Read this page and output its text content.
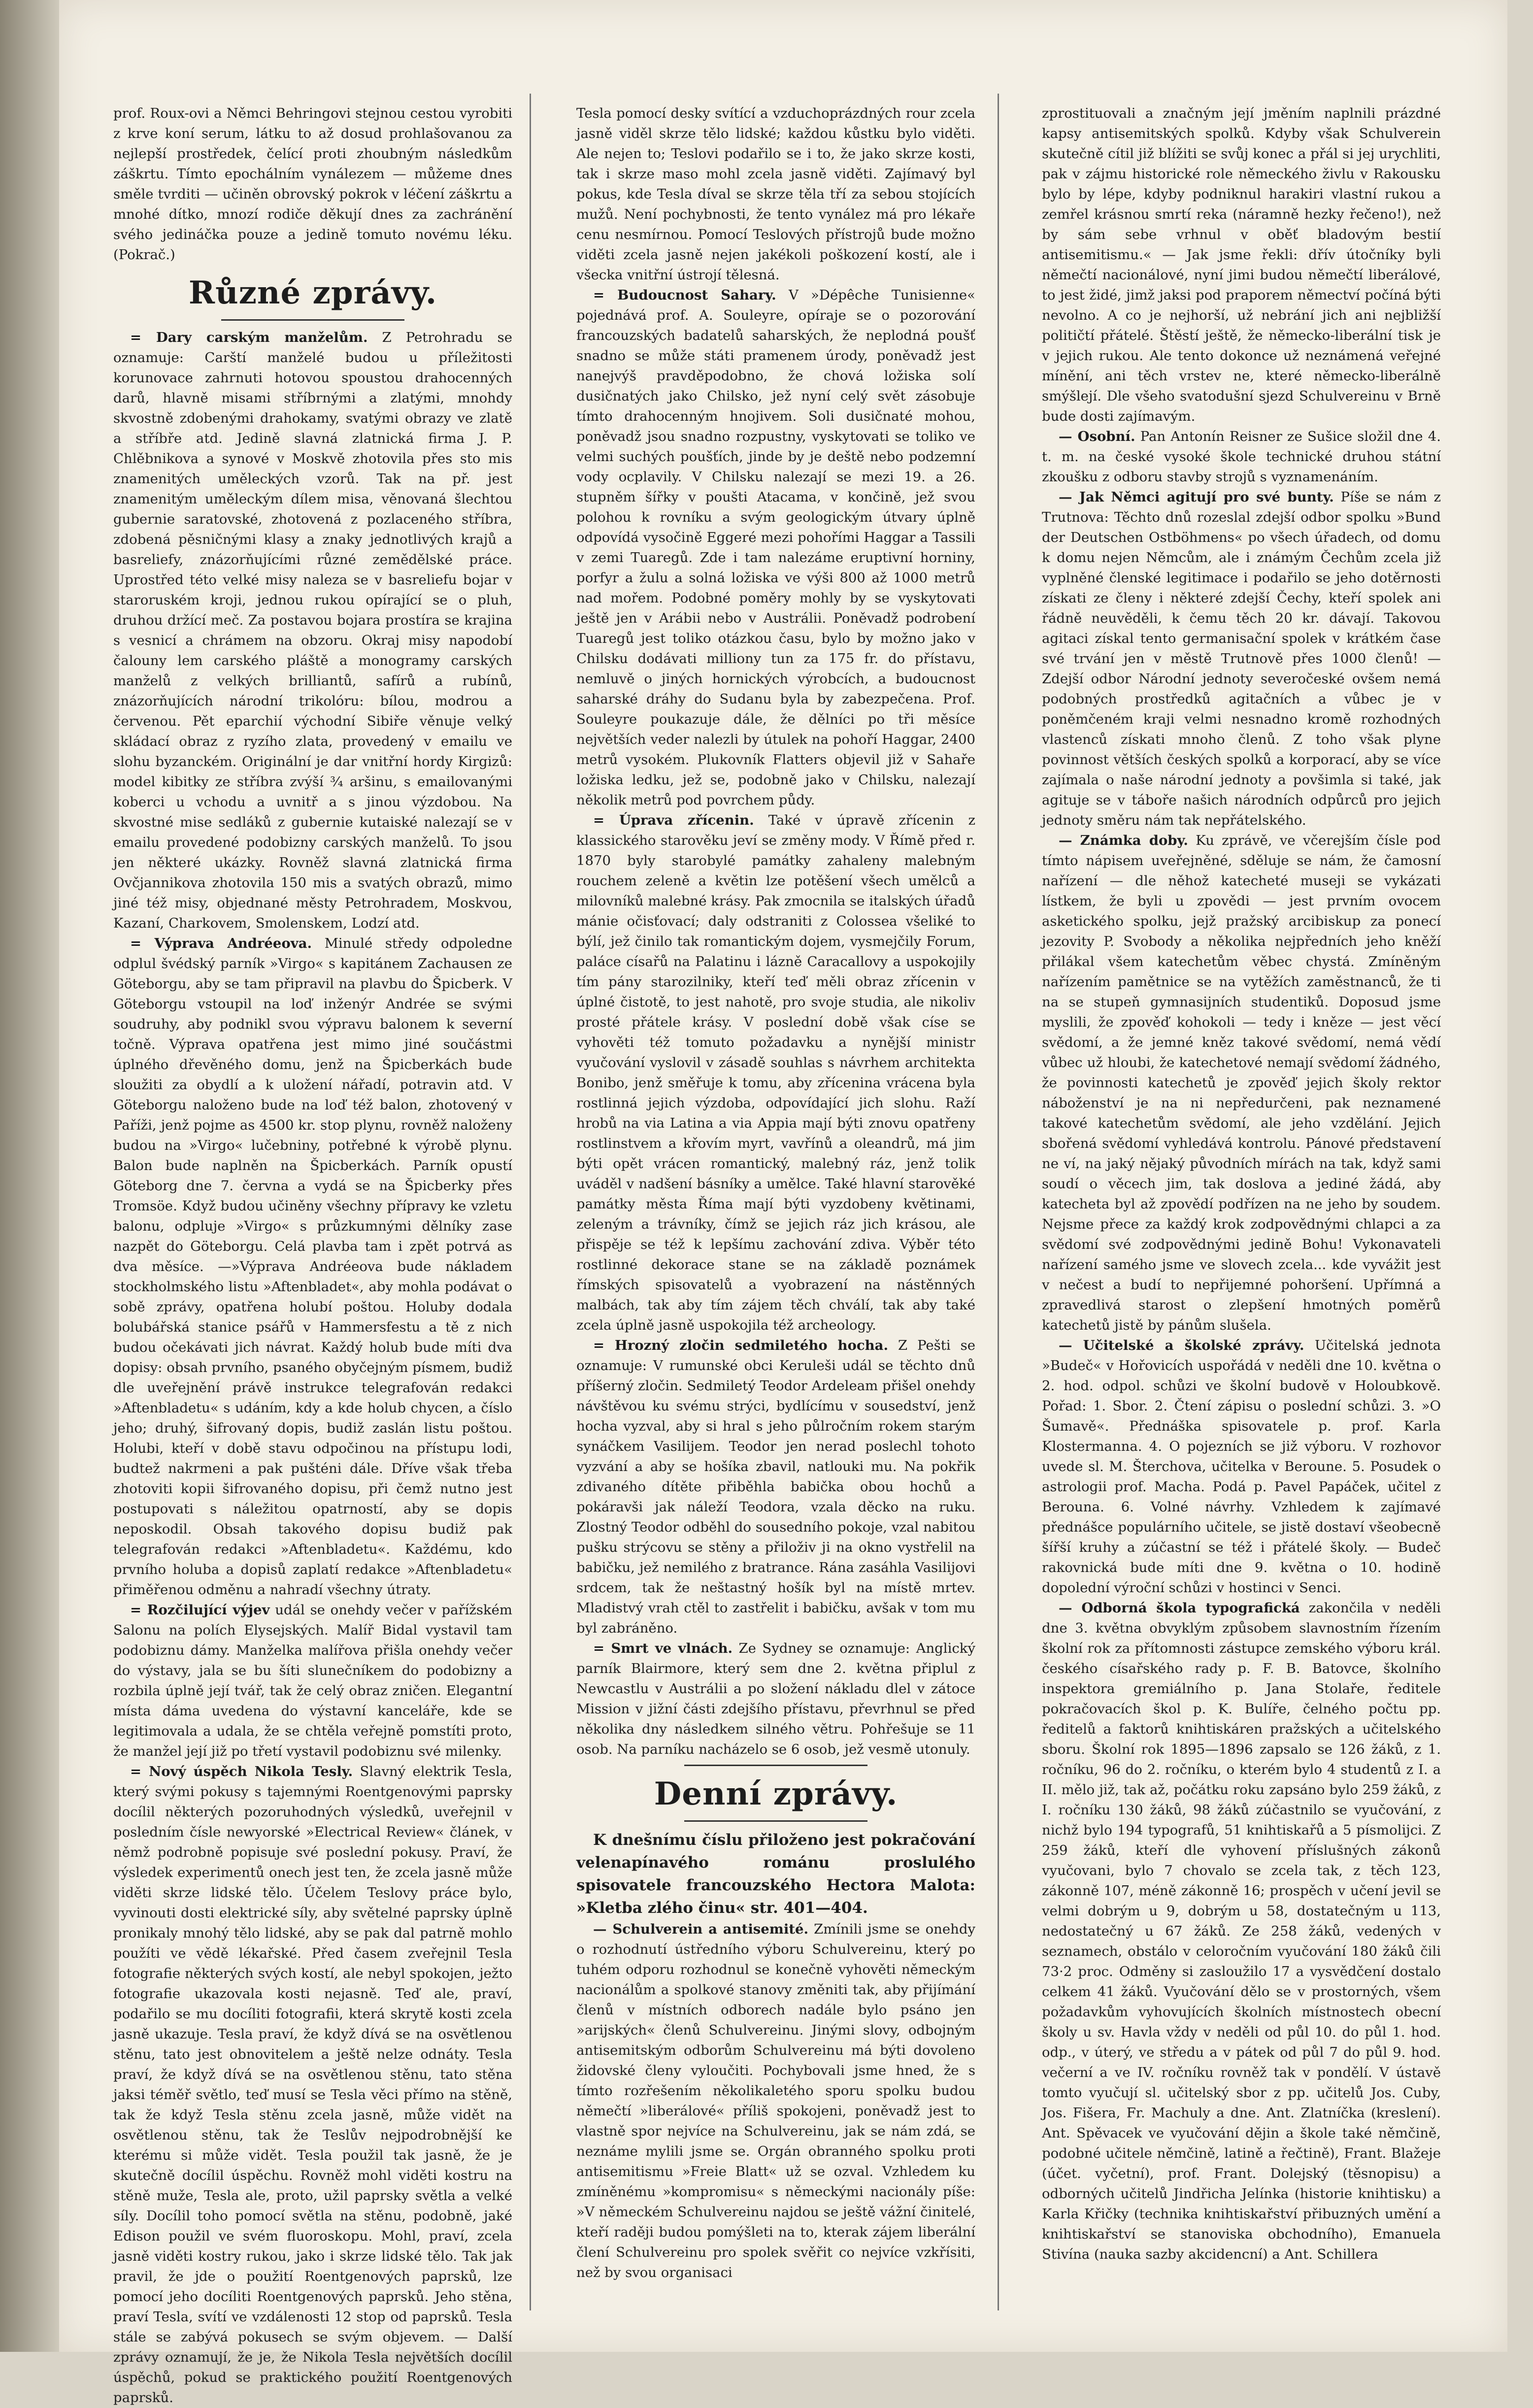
prof. Roux-ovi a Němci Behringovi stejnou cestou vyrobiti z krve koní serum, látku to až dosud prohlašovanou za nejlepší prostředek, čelící proti zhoubným následkům záškrtu. Tímto epochálním vynálezem — můžeme dnes směle tvrditi — učiněn obrovský pokrok v léčení záškrtu a mnohé dítko, mnozí rodiče děkují dnes za zachránění svého jedináčka pouze a jedině tomuto novému léku. (Pokrač.)

Různé zprávy.

= Dary carským manželům. Z Petrohradu se oznamuje: Carští manželé budou u příležitosti korunovace zahrnuti hotovou spoustou drahocenných darů, hlavně misami stříbrnými a zlatými, mnohdy skvostně zdobenými drahokamy, svatými obrazy ve zlatě a stříbře atd. Jedině slavná zlatnická firma J. P. Chlěbnikova a synové v Moskvě zhotovila přes sto mis znamenitých uměleckých vzorů. Tak na př. jest znamenitým uměleckým dílem misa, věnovaná šlechtou gubernie saratovské, zhotovená z pozlaceného stříbra, zdobená pěsničnými klasy a znaky jednotlivých krajů a basreliefy, znázorňujícími různé zemědělské práce. Uprostřed této velké misy naleza se v basreliefu bojar v staroruském kroji, jednou rukou opírající se o pluh, druhou držící meč. Za postavou bojara prostíra se krajina s vesnicí a chrámem na obzoru. Okraj misy napodobí čalouny lem carského pláště a monogramy carských manželů z velkých brilliantů, safírů a rubínů, znázorňujících národní trikolóru: bílou, modrou a červenou. Pět eparchií východní Sibiře věnuje velký skládací obraz z ryzího zlata, provedený v emailu ve slohu byzanckém. Originální je dar vnitřní hordy Kirgizů: model kibitky ze stříbra zvýší ¾ aršinu, s emailovanými koberci u vchodu a uvnitř a s jinou výzdobou. Na skvostné mise sedláků z gubernie kutaiské nalezají se v emailu provedené podobizny carských manželů. To jsou jen některé ukázky. Rovněž slavná zlatnická firma Ovčjannikova zhotovila 150 mis a svatých obrazů, mimo jiné též misy, objednané městy Petrohradem, Moskvou, Kazaní, Charkovem, Smolenskem, Lodzí atd.

= Výprava Andréeova. Minulé středy odpoledne odplul švédský parník »Virgo« s kapitánem Zachausen ze Göteborgu, aby se tam připravil na plavbu do Špicberk. V Göteborgu vstoupil na loď inženýr Andrée se svými soudruhy, aby podnikl svou výpravu balonem k severní točně. Výprava opatřena jest mimo jiné součástmi úplného dřevěného domu, jenž na Špicberkách bude sloužiti za obydlí a k uložení nářadí, potravin atd. V Göteborgu naloženo bude na loď též balon, zhotovený v Paříži, jenž pojme as 4500 kr. stop plynu, rovněž naloženy budou na »Virgo« lučebniny, potřebné k výrobě plynu. Balon bude naplněn na Špicberkách. Parník opustí Göteborg dne 7. června a vydá se na Špicberky přes Tromsöe. Když budou učiněny všechny přípravy ke vzletu balonu, odpluje »Virgo« s průzkumnými dělníky zase nazpět do Göteborgu. Celá plavba tam i zpět potrvá as dva měsíce. —»Výprava Andréeova bude nákladem stockholmského listu »Aftenbladet«, aby mohla podávat o sobě zprávy, opatřena holubí poštou. Holuby dodala bolubářská stanice psářů v Hammersfestu a tě z nich budou očekávati jich návrat. Každý holub bude míti dva dopisy: obsah prvního, psaného obyčejným písmem, budiž dle uveřejnění právě instrukce telegrafován redakci »Aftenbladetu« s udáním, kdy a kde holub chycen, a číslo jeho; druhý, šifrovaný dopis, budiž zaslán listu poštou. Holubi, kteří v době stavu odpočinou na přístupu lodi, budtež nakrmeni a pak pušténi dále. Dříve však třeba zhotoviti kopii šifrovaného dopisu, při čemž nutno jest postupovati s náležitou opatrností, aby se dopis neposkodil. Obsah takového dopisu budiž pak telegrafován redakci »Aftenbladetu«. Každému, kdo prvního holuba a dopisů zaplatí redakce »Aftenbladetu« přiměřenou odměnu a nahradí všechny útraty.

= Rozčilující výjev udál se onehdy večer v pařížském Salonu na polích Elysejských. Malíř Bidal vystavil tam podobiznu dámy. Manželka malířova přišla onehdy večer do výstavy, jala se bu šíti slunečníkem do podobizny a rozbila úplně její tvář, tak že celý obraz zničen. Elegantní místa dáma uvedena do výstavní kanceláře, kde se legitimovala a udala, že se chtěla veřejně pomstíti proto, že manžel její již po třetí vystavil podobiznu své milenky.

= Nový úspěch Nikola Tesly. Slavný elektrik Tesla, který svými pokusy s tajemnými Roentgenovými paprsky docílil některých pozoruhodných výsledků, uveřejnil v posledním čísle newyorské »Electrical Review« článek, v němž podrobně popisuje své poslední pokusy. Praví, že výsledek experimentů onech jest ten, že zcela jasně může viděti skrze lidské tělo. Účelem Teslovy práce bylo, vyvinouti dosti elektrické síly, aby světelné paprsky úplně pronikaly mnohý tělo lidské, aby se pak dal patrně mohlo použíti ve vědě lékařské. Před časem zveřejnil Tesla fotografie některých svých kostí, ale nebyl spokojen, ježto fotografie ukazovala kosti nejasně. Teď ale, praví, podařilo se mu docíliti fotografii, která skrytě kosti zcela jasně ukazuje. Tesla praví, že když dívá se na osvětlenou stěnu, tato jest obnovitelem a ještě nelze odnáty. Tesla praví, že když dívá se na osvětlenou stěnu, tato stěna jaksi téměř světlo, teď musí se Tesla věci přímo na stěně, tak že když Tesla stěnu zcela jasně, může vidět na osvětlenou stěnu, tak že Teslův nejpodrobnější ke kterému si může vidět. Tesla použil tak jasně, že je skutečně docílil úspěchu. Rovněž mohl viděti kostru na stěně muže, Tesla ale, proto, užil paprsky světla a velké síly. Docílil toho pomocí světla na stěnu, podobně, jaké Edison použil ve svém fluoroskopu. Mohl, praví, zcela jasně viděti kostry rukou, jako i skrze lidské tělo. Tak jak pravil, že jde o použití Roentgenových paprsků, lze pomocí jeho docíliti Roentgenových paprsků. Jeho stěna, praví Tesla, svítí ve vzdálenosti 12 stop od paprsků. Tesla stále se zabývá pokusech se svým objevem. — Další zprávy oznamují, že je, že Nikola Tesla největších docílil úspěchů, pokud se praktického použití Roentgenových paprsků.

Tesla pomocí desky svítící a vzduchoprázdných rour zcela jasně viděl skrze tělo lidské; každou kůstku bylo viděti. Ale nejen to; Teslovi podařilo se i to, že jako skrze kosti, tak i skrze maso mohl zcela jasně viděti. Zajímavý byl pokus, kde Tesla díval se skrze těla tří za sebou stojících mužů. Není pochybnosti, že tento vynález má pro lékaře cenu nesmírnou. Pomocí Teslových přístrojů bude možno viděti zcela jasně nejen jakékoli poškození kostí, ale i všecka vnitřní ústrojí tělesná.

= Budoucnost Sahary. V »Dépêche Tunisienne« pojednává prof. A. Souleyre, opíraje se o pozorování francouzských badatelů saharských, že neplodná poušť snadno se může státi pramenem úrody, poněvadž jest nanejvýš pravděpodobno, že chová ložiska solí dusičnatých jako Chilsko, jež nyní celý svět zásobuje tímto drahocenným hnojivem. Soli dusičnaté mohou, poněvadž jsou snadno rozpustny, vyskytovati se toliko ve velmi suchých poušťích, jinde by je deště nebo podzemní vody ocplavily. V Chilsku nalezají se mezi 19. a 26. stupněm šířky v poušti Atacama, v končině, jež svou polohou k rovníku a svým geologickým útvary úplně odpovídá vysočině Eggeré mezi pohořími Haggar a Tassili v zemi Tuaregů. Zde i tam nalezáme eruptivní horniny, porfyr a žulu a solná ložiska ve výši 800 až 1000 metrů nad mořem. Podobné poměry mohly by se vyskytovati ještě jen v Arábii nebo v Austrálii. Poněvadž podrobení Tuaregů jest toliko otázkou času, bylo by možno jako v Chilsku dodávati milliony tun za 175 fr. do přístavu, nemluvě o jiných hornických výrobcích, a budoucnost saharské dráhy do Sudanu byla by zabezpečena. Prof. Souleyre poukazuje dále, že dělníci po tři měsíce největších veder nalezli by útulek na pohoří Haggar, 2400 metrů vysokém. Plukovník Flatters objevil již v Sahaře ložiska ledku, jež se, podobně jako v Chilsku, nalezají několik metrů pod povrchem půdy.

= Úprava zřícenin. Také v úpravě zřícenin z klassického starověku jeví se změny mody. V Římě před r. 1870 byly starobylé památky zahaleny malebným rouchem zeleně a květin lze potěšení všech umělců a milovníků malebné krásy. Pak zmocnila se italských úřadů mánie očisťovací; daly odstraniti z Colossea všeliké to býlí, jež činilo tak romantickým dojem, vysmejčily Forum, paláce císařů na Palatinu i lázně Caracallovy a uspokojily tím pány starozilniky, kteří teď měli obraz zřícenin v úplné čistotě, to jest nahotě, pro svoje studia, ale nikoliv prosté přátele krásy. V poslední době však císe se vyhověti též tomuto požadavku a nynější ministr vyučování vyslovil v zásadě souhlas s návrhem architekta Bonibo, jenž směřuje k tomu, aby zřícenina vrácena byla rostlinná jejich výzdoba, odpovídající jich slohu. Raží hrobů na via Latina a via Appia mají býti znovu opatřeny rostlinstvem a křovím myrt, vavřínů a oleandrů, má jim býti opět vrácen romantický, malebný ráz, jenž tolik uváděl v nadšení básníky a umělce. Také hlavní starověké památky města Říma mají býti vyzdobeny květinami, zeleným a trávníky, čímž se jejich ráz jich krásou, ale přispěje se též k lepšímu zachování zdiva. Výběr této rostlinné dekorace stane se na základě poznámek římských spisovatelů a vyobrazení na nástěnných malbách, tak aby tím zájem těch chválí, tak aby také zcela úplně jasně uspokojila též archeology.

= Hrozný zločin sedmiletého hocha. Z Pešti se oznamuje: V rumunské obci Keruleši udál se těchto dnů příšerný zločin. Sedmiletý Teodor Ardeleam přišel onehdy návštěvou ku svému strýci, bydlícímu v sousedství, jenž hocha vyzval, aby si hral s jeho půlročním rokem starým synáčkem Vasilijem. Teodor jen nerad poslechl tohoto vyzvání a aby se hošíka zbavil, natlouki mu. Na pokřik zdivaného dítěte přiběhla babička obou hochů a pokáravši jak náleží Teodora, vzala děcko na ruku. Zlostný Teodor odběhl do sousedního pokoje, vzal nabitou pušku strýcovu se stěny a přiloživ ji na okno vystřelil na babičku, jež nemilého z bratrance. Rána zasáhla Vasilijovi srdcem, tak že neštastný hošík byl na místě mrtev. Mladistvý vrah ctěl to zastřelit i babičku, avšak v tom mu byl zabráněno.

= Smrt ve vlnách. Ze Sydney se oznamuje: Anglický parník Blairmore, který sem dne 2. května připlul z Newcastlu v Austrálii a po složení nákladu dlel v zátoce Mission v jižní části zdejšího přístavu, převrhnul se před několika dny následkem silného větru. Pohřešuje se 11 osob. Na parníku nacházelo se 6 osob, jež vesmě utonuly.

Denní zprávy.

K dnešnímu číslu přiloženo jest pokračování velenapínavého románu proslulého spisovatele francouzského Hectora Malota: »Kletba zlého činu« str. 401—404.

— Schulverein a antisemité. Zmínili jsme se onehdy o rozhodnutí ústředního výboru Schulvereinu, který po tuhém odporu rozhodnul se konečně vyhověti německým nacionálům a spolkové stanovy změniti tak, aby přijímání členů v místních odborech nadále bylo psáno jen »arijských« členů Schulvereinu. Jinými slovy, odbojným antisemitským odborům Schulvereinu má býti dovoleno židovské členy vyloučiti. Pochybovali jsme hned, že s tímto rozřešením několikaletého sporu spolku budou němečtí »liberálové« příliš spokojeni, poněvadž jest to vlastně spor nejvíce na Schulvereinu, jak se nám zdá, se neznáme mylili jsme se. Orgán obranného spolku proti antisemitismu »Freie Blatt« už se ozval. Vzhledem ku zmíněnému »kompromisu« s německými nacionály píše: »V německém Schulvereinu najdou se ještě vážní činitelé, kteří raději budou pomýšleti na to, kterak zájem liberální člení Schulvereinu pro spolek svěřit co nejvíce vzkřísiti, než by svou organisaci

zprostituovali a značným její jměním naplnili prázdné kapsy antisemitských spolků. Kdyby však Schulverein skutečně cítil již blížiti se svůj konec a přál si jej urychliti, pak v zájmu historické role německého živlu v Rakousku bylo by lépe, kdyby podniknul harakiri vlastní rukou a zemřel krásnou smrtí reka (náramně hezky řečeno!), než by sám sebe vrhnul v oběť bladovým bestií antisemitismu.« — Jak jsme řekli: dřív útočníky byli němečtí nacionálové, nyní jimi budou němečtí liberálové, to jest židé, jimž jaksi pod praporem němectví počíná býti nevolno. A co je nejhorší, už nebrání jich ani nejbližší političtí přátelé. Štěstí ještě, že německo-liberální tisk je v jejich rukou. Ale tento dokonce už neznámená veřejné mínění, ani těch vrstev ne, které německo-liberálně smýšlejí. Dle všeho svatodušní sjezd Schulvereinu v Brně bude dosti zajímavým.

— Osobní. Pan Antonín Reisner ze Sušice složil dne 4. t. m. na české vysoké škole technické druhou státní zkoušku z odboru stavby strojů s vyznamenáním.

— Jak Němci agitují pro své bunty. Píše se nám z Trutnova: Těchto dnů rozeslal zdejší odbor spolku »Bund der Deutschen Ostböhmens« po všech úřadech, od domu k domu nejen Němcům, ale i známým Čechům zcela již vyplněné členské legitimace i podařilo se jeho dotěrnosti získati ze členy i některé zdejší Čechy, kteří spolek ani řádně neuvěděli, k čemu těch 20 kr. dávají. Takovou agitaci získal tento germanisační spolek v krátkém čase své trvání jen v městě Trutnově přes 1000 členů! — Zdejší odbor Národní jednoty severočeské ovšem nemá podobných prostředků agitačních a vůbec je v poněmčeném kraji velmi nesnadno kromě rozhodných vlastenců získati mnoho členů. Z toho však plyne povinnost větších českých spolků a korporací, aby se více zajímala o naše národní jednoty a povšimla si také, jak agituje se v táboře našich národních odpůrců pro jejich jednoty směru nám tak nepřátelského.

— Známka doby. Ku zprávě, ve včerejším čísle pod tímto nápisem uveřejněné, sděluje se nám, že čamosní nařízení — dle něhož katecheté museji se vykázati lístkem, že byli u zpovědi — jest prvním ovocem asketického spolku, jejž pražský arcibiskup za ponecí jezovity P. Svobody a několika nejpředních jeho kněží přilákal všem katechetům věbec chystá. Zmíněným nařízením pamětnice se na vytěžích zaměstnanců, že ti na se stupeň gymnasijních studentiků. Doposud jsme myslili, že zpověď kohokoli — tedy i kněze — jest věcí svědomí, a že jemné kněz takové svědomí, nemá vědí vůbec už hloubi, že katechetové nemají svědomí žádného, že povinnosti katechetů je zpověď jejich školy rektor náboženství je na ni nepředurčeni, pak neznamené takové katechetům svědomí, ale jeho vzdělání. Jejich sbořená svědomí vyhledává kontrolu. Pánové představení ne ví, na jaký nějaký původních mírách na tak, když sami soudí o věcech jim, tak doslova a jediné žádá, aby katecheta byl až zpovědí podřízen na ne jeho by soudem. Nejsme přece za každý krok zodpovědnými chlapci a za svědomí své zodpovědnými jedině Bohu! Vykonavateli nařízení samého jsme ve slovech zcela... kde vyvážit jest v nečest a budí to nepřijemné pohoršení. Upřímná a zpravedlivá starost o zlepšení hmotných poměrů katechetů jistě by pánům slušela.

— Učitelské a školské zprávy. Učitelská jednota »Budeč« v Hořovicích uspořádá v neděli dne 10. května o 2. hod. odpol. schůzi ve školní budově v Holoubkově. Pořad: 1. Sbor. 2. Čtení zápisu o poslední schůzi. 3. »O Šumavě«. Přednáška spisovatele p. prof. Karla Klostermanna. 4. O pojezních se již výboru. V rozhovor uvede sl. M. Šterchova, učitelka v Beroune. 5. Posudek o astrologii prof. Macha. Podá p. Pavel Papáček, učitel z Berouna. 6. Volné návrhy. Vzhledem k zajímavé přednášce populárního učitele, se jistě dostaví všeobecně šířší kruhy a zúčastní se též i přátelé školy. — Budeč rakovnická bude míti dne 9. května o 10. hodině dopolední výroční schůzi v hostinci v Senci.

— Odborná škola typografická zakončila v neděli dne 3. května obvyklým způsobem slavnostním řízením školní rok za přítomnosti zástupce zemského výboru král. českého císařského rady p. F. B. Batovce, školního inspektora gremiálního p. Jana Stolaře, ředitele pokračovacích škol p. K. Bulíře, čelného počtu pp. ředitelů a faktorů knihtiskáren pražských a učitelského sboru. Školní rok 1895—1896 zapsalo se 126 žáků, z 1. ročníku, 96 do 2. ročníku, o kterém bylo 4 studentů z I. a II. mělo již, tak až, počátku roku zapsáno bylo 259 žáků, z I. ročníku 130 žáků, 98 žáků zúčastnilo se vyučování, z nichž bylo 194 typografů, 51 knihtiskařů a 5 písmolijci. Z 259 žáků, kteří dle vyhovení příslušných zákonů vyučovani, bylo 7 chovalo se zcela tak, z těch 123, zákonně 107, méně zákonně 16; prospěch v učení jevil se velmi dobrým u 9, dobrým u 58, dostatečným u 113, nedostatečný u 67 žáků. Ze 258 žáků, vedených v seznamech, obstálo v celoročním vyučování 180 žáků čili 73·2 proc. Odměny si zasloužilo 17 a vysvědčení dostalo celkem 41 žáků. Vyučování dělo se v prostorných, všem požadavkům vyhovujících školních místnostech obecní školy u sv. Havla vždy v neděli od půl 10. do půl 1. hod. odp., v úterý, ve středu a v pátek od půl 7 do půl 9. hod. večerní a ve IV. ročníku rovněž tak v pondělí. V ústavě tomto vyučují sl. učitelský sbor z pp. učitelů Jos. Cuby, Jos. Fišera, Fr. Machuly a dne. Ant. Zlatníčka (kreslení). Ant. Spěvacek ve vyučování dějin a škole také němčině, podobné učitele němčině, latině a řečtině), Frant. Blažeje (účet. vyčetní), prof. Frant. Dolejský (těsnopisu) a odborných učitelů Jindřicha Jelínka (historie knihtisku) a Karla Křičky (technika knihtiskařství přibuzných umění a knihtiskařství se stanoviska obchodního), Emanuela Stivína (nauka sazby akcidencní) a Ant. Schillera
